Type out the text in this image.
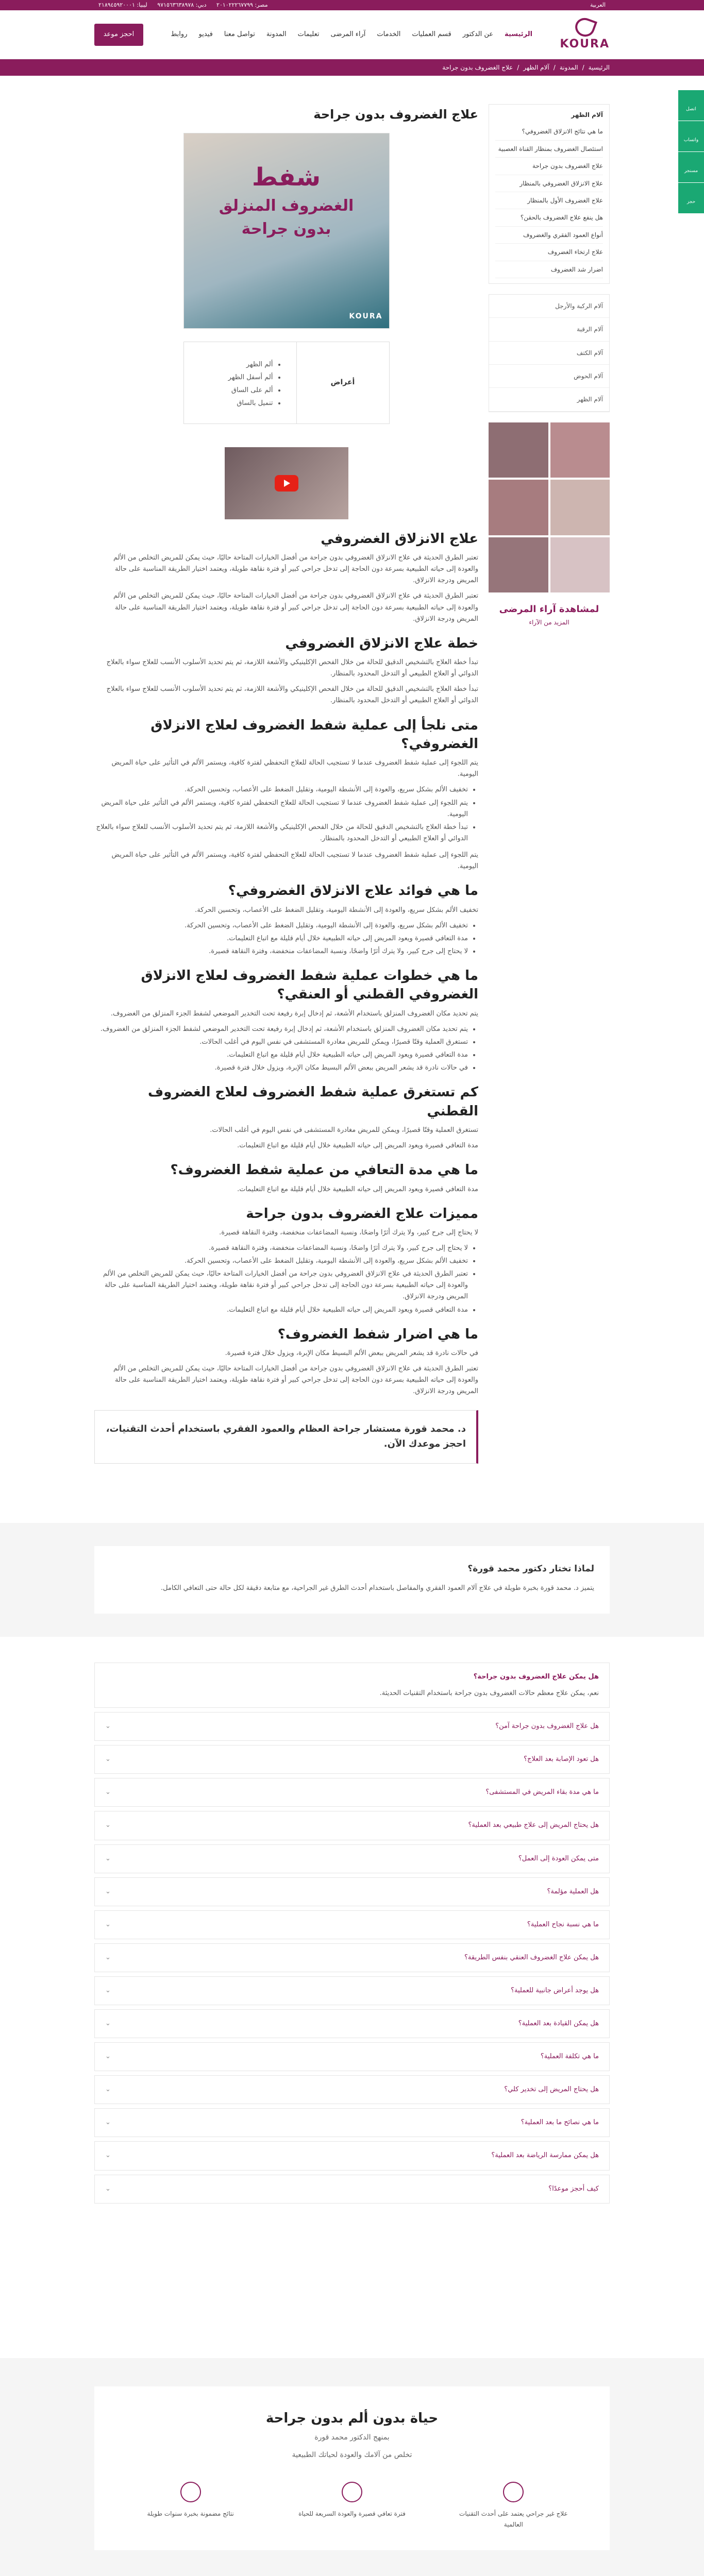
العربية
مصر: ٢٠١٠٢٢٢٦٧٧٩٩ دبي: ٩٧١٥٦٣٦٣٨٩٧٨ ليبيا: ٢١٨٩٤٥٩٢٠٠٠١
KOURA
الرئيسية
عن الدكتور
قسم العمليات
الخدمات
آراء المرضى
تعليمات
المدونة
تواصل معنا
فيديو
روابط
احجز موعد
الرئيسية
/
المدونة
/
آلام الظهر
/
علاج الغضروف بدون جراحة
آلام الظهر
ما هي نتائج الانزلاق الغضروفي؟
استئصال الغضروف بمنظار القناة العصبية
علاج الغضروف بدون جراحة
علاج الانزلاق الغضروفي بالمنظار
علاج الغضروف الأول بالمنظار
هل ينفع علاج الغضروف بالحقن؟
أنواع العمود الفقري والغضروف
علاج ارتخاء الغضروف
اضرار شد الغضروف
آلام الركبة والأرجل
آلام الرقبة
آلام الكتف
آلام الحوض
آلام الظهر
لمشاهدة آراء المرضى
المزيد من الآراء
علاج الغضروف بدون جراحة
شفط
الغضروف المنزلق
بدون جراحة
KOURA
أعراض
• ألم الظهر
• ألم أسفل الظهر
• ألم على الساق
• تنميل بالساق
علاج الانزلاق الغضروفي

تعتبر الطرق الحديثة في علاج الانزلاق الغضروفي بدون جراحة من أفضل الخيارات المتاحة حاليًا، حيث يمكن للمريض التخلص من الألم والعودة إلى حياته الطبيعية بسرعة دون الحاجة إلى تدخل جراحي كبير أو فترة نقاهة طويلة، ويعتمد اختيار الطريقة المناسبة على حالة المريض ودرجة الانزلاق.

تعتبر الطرق الحديثة في علاج الانزلاق الغضروفي بدون جراحة من أفضل الخيارات المتاحة حاليًا، حيث يمكن للمريض التخلص من الألم والعودة إلى حياته الطبيعية بسرعة دون الحاجة إلى تدخل جراحي كبير أو فترة نقاهة طويلة، ويعتمد اختيار الطريقة المناسبة على حالة المريض ودرجة الانزلاق.

خطة علاج الانزلاق الغضروفي

تبدأ خطة العلاج بالتشخيص الدقيق للحالة من خلال الفحص الإكلينيكي والأشعة اللازمة، ثم يتم تحديد الأسلوب الأنسب للعلاج سواء بالعلاج الدوائي أو العلاج الطبيعي أو التدخل المحدود بالمنظار.

تبدأ خطة العلاج بالتشخيص الدقيق للحالة من خلال الفحص الإكلينيكي والأشعة اللازمة، ثم يتم تحديد الأسلوب الأنسب للعلاج سواء بالعلاج الدوائي أو العلاج الطبيعي أو التدخل المحدود بالمنظار.

متى نلجأ إلى عملية شفط الغضروف لعلاج الانزلاق الغضروفي؟

يتم اللجوء إلى عملية شفط الغضروف عندما لا تستجيب الحالة للعلاج التحفظي لفترة كافية، ويستمر الألم في التأثير على حياة المريض اليومية.

• تخفيف الألم بشكل سريع، والعودة إلى الأنشطة اليومية، وتقليل الضغط على الأعصاب، وتحسين الحركة.
• يتم اللجوء إلى عملية شفط الغضروف عندما لا تستجيب الحالة للعلاج التحفظي لفترة كافية، ويستمر الألم في التأثير على حياة المريض اليومية.
• تبدأ خطة العلاج بالتشخيص الدقيق للحالة من خلال الفحص الإكلينيكي والأشعة اللازمة، ثم يتم تحديد الأسلوب الأنسب للعلاج سواء بالعلاج الدوائي أو العلاج الطبيعي أو التدخل المحدود بالمنظار.

يتم اللجوء إلى عملية شفط الغضروف عندما لا تستجيب الحالة للعلاج التحفظي لفترة كافية، ويستمر الألم في التأثير على حياة المريض اليومية.

ما هي فوائد علاج الانزلاق الغضروفي؟

تخفيف الألم بشكل سريع، والعودة إلى الأنشطة اليومية، وتقليل الضغط على الأعصاب، وتحسين الحركة.

• تخفيف الألم بشكل سريع، والعودة إلى الأنشطة اليومية، وتقليل الضغط على الأعصاب، وتحسين الحركة.
• مدة التعافي قصيرة ويعود المريض إلى حياته الطبيعية خلال أيام قليلة مع اتباع التعليمات.
• لا يحتاج إلى جرح كبير، ولا يترك أثرًا واضحًا، ونسبة المضاعفات منخفضة، وفترة النقاهة قصيرة.
ما هي خطوات عملية شفط الغضروف لعلاج الانزلاق الغضروفي القطني أو العنقي؟

يتم تحديد مكان الغضروف المنزلق باستخدام الأشعة، ثم إدخال إبرة رفيعة تحت التخدير الموضعي لشفط الجزء المنزلق من الغضروف.

• يتم تحديد مكان الغضروف المنزلق باستخدام الأشعة، ثم إدخال إبرة رفيعة تحت التخدير الموضعي لشفط الجزء المنزلق من الغضروف.
• تستغرق العملية وقتًا قصيرًا، ويمكن للمريض مغادرة المستشفى في نفس اليوم في أغلب الحالات.
• مدة التعافي قصيرة ويعود المريض إلى حياته الطبيعية خلال أيام قليلة مع اتباع التعليمات.
• في حالات نادرة قد يشعر المريض ببعض الألم البسيط مكان الإبرة، ويزول خلال فترة قصيرة.
كم تستغرق عملية شفط الغضروف لعلاج الغضروف القطني

تستغرق العملية وقتًا قصيرًا، ويمكن للمريض مغادرة المستشفى في نفس اليوم في أغلب الحالات.

مدة التعافي قصيرة ويعود المريض إلى حياته الطبيعية خلال أيام قليلة مع اتباع التعليمات.

ما هي مدة التعافي من عملية شفط الغضروف؟

مدة التعافي قصيرة ويعود المريض إلى حياته الطبيعية خلال أيام قليلة مع اتباع التعليمات.

مميزات علاج الغضروف بدون جراحة

لا يحتاج إلى جرح كبير، ولا يترك أثرًا واضحًا، ونسبة المضاعفات منخفضة، وفترة النقاهة قصيرة.

• لا يحتاج إلى جرح كبير، ولا يترك أثرًا واضحًا، ونسبة المضاعفات منخفضة، وفترة النقاهة قصيرة.
• تخفيف الألم بشكل سريع، والعودة إلى الأنشطة اليومية، وتقليل الضغط على الأعصاب، وتحسين الحركة.
• تعتبر الطرق الحديثة في علاج الانزلاق الغضروفي بدون جراحة من أفضل الخيارات المتاحة حاليًا، حيث يمكن للمريض التخلص من الألم والعودة إلى حياته الطبيعية بسرعة دون الحاجة إلى تدخل جراحي كبير أو فترة نقاهة طويلة، ويعتمد اختيار الطريقة المناسبة على حالة المريض ودرجة الانزلاق.
• مدة التعافي قصيرة ويعود المريض إلى حياته الطبيعية خلال أيام قليلة مع اتباع التعليمات.
ما هي اضرار شفط الغضروف؟

في حالات نادرة قد يشعر المريض ببعض الألم البسيط مكان الإبرة، ويزول خلال فترة قصيرة.

تعتبر الطرق الحديثة في علاج الانزلاق الغضروفي بدون جراحة من أفضل الخيارات المتاحة حاليًا، حيث يمكن للمريض التخلص من الألم والعودة إلى حياته الطبيعية بسرعة دون الحاجة إلى تدخل جراحي كبير أو فترة نقاهة طويلة، ويعتمد اختيار الطريقة المناسبة على حالة المريض ودرجة الانزلاق.

د. محمد قورة مستشار جراحة العظام والعمود الفقري باستخدام أحدث التقنيات، احجز موعدك الآن.
لماذا تختار دكتور محمد قورة؟

يتميز د. محمد قورة بخبرة طويلة في علاج آلام العمود الفقري والمفاصل باستخدام أحدث الطرق غير الجراحية، مع متابعة دقيقة لكل حالة حتى التعافي الكامل.

هل يمكن علاج الغضروف بدون جراحة؟
نعم، يمكن علاج معظم حالات الغضروف بدون جراحة باستخدام التقنيات الحديثة.
هل علاج الغضروف بدون جراحة آمن؟
⌄
هل تعود الإصابة بعد العلاج؟
⌄
ما هي مدة بقاء المريض في المستشفى؟
⌄
هل يحتاج المريض إلى علاج طبيعي بعد العملية؟
⌄
متى يمكن العودة إلى العمل؟
⌄
هل العملية مؤلمة؟
⌄
ما هي نسبة نجاح العملية؟
⌄
هل يمكن علاج الغضروف العنقي بنفس الطريقة؟
⌄
هل يوجد أعراض جانبية للعملية؟
⌄
هل يمكن القيادة بعد العملية؟
⌄
ما هي تكلفة العملية؟
⌄
هل يحتاج المريض إلى تخدير كلي؟
⌄
ما هي نصائح ما بعد العملية؟
⌄
هل يمكن ممارسة الرياضة بعد العملية؟
⌄
كيف أحجز موعدًا؟
⌄
حياة بدون ألم بدون جراحة
بمنهج الدكتور محمد قورة
تخلص من آلامك والعودة لحياتك الطبيعية
علاج غير جراحي يعتمد على أحدث التقنيات العالمية
فترة تعافي قصيرة والعودة السريعة للحياة
نتائج مضمونة بخبرة سنوات طويلة
اتصل
واتساب
مسنجر
حجز
